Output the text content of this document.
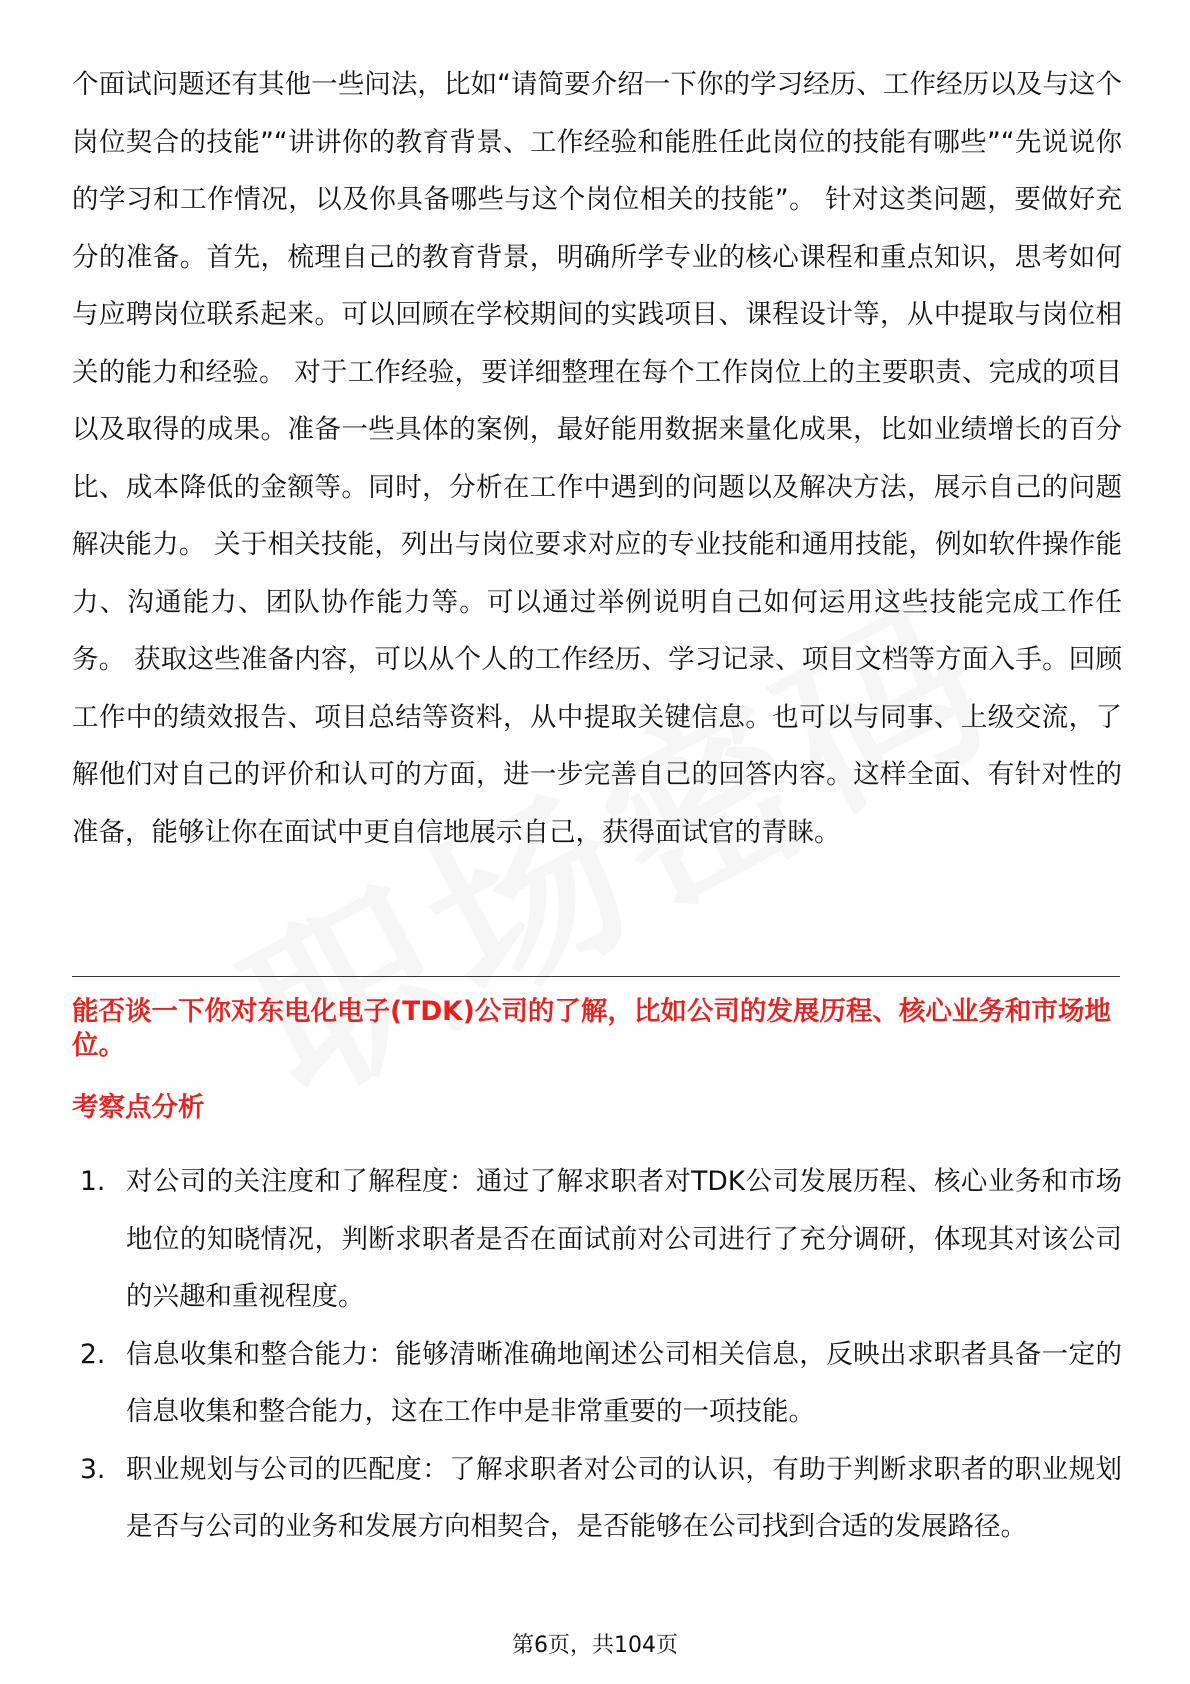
个面试问题还有其他一些问法，比如“请简要介绍一下你的学习经历、工作经历以及与这个岗位契合的技能”“讲讲你的教育背景、工作经验和能胜任此岗位的技能有哪些”“先说说你的学习和工作情况，以及你具备哪些与这个岗位相关的技能”。 针对这类问题，要做好充分的准备。首先，梳理自己的教育背景，明确所学专业的核心课程和重点知识，思考如何与应聘岗位联系起来。可以回顾在学校期间的实践项目、课程设计等，从中提取与岗位相关的能力和经验。 对于工作经验，要详细整理在每个工作岗位上的主要职责、完成的项目以及取得的成果。准备一些具体的案例，最好能用数据来量化成果，比如业绩增长的百分比、成本降低的金额等。同时，分析在工作中遇到的问题以及解决方法，展示自己的问题解决能力。 关于相关技能，列出与岗位要求对应的专业技能和通用技能，例如软件操作能力、沟通能力、团队协作能力等。可以通过举例说明自己如何运用这些技能完成工作任务。 获取这些准备内容，可以从个人的工作经历、学习记录、项目文档等方面入手。回顾工作中的绩效报告、项目总结等资料，从中提取关键信息。也可以与同事、上级交流，了解他们对自己的评价和认可的方面，进一步完善自己的回答内容。这样全面、有针对性的准备，能够让你在面试中更自信地展示自己，获得面试官的青睐。

能否谈一下你对东电化电子(TDK)公司的了解，比如公司的发展历程、核心业务和市场地位。

考察点分析

1. 对公司的关注度和了解程度：通过了解求职者对TDK公司发展历程、核心业务和市场地位的知晓情况，判断求职者是否在面试前对公司进行了充分调研，体现其对该公司的兴趣和重视程度。
2. 信息收集和整合能力：能够清晰准确地阐述公司相关信息，反映出求职者具备一定的信息收集和整合能力，这在工作中是非常重要的一项技能。
3. 职业规划与公司的匹配度：了解求职者对公司的认识，有助于判断求职者的职业规划是否与公司的业务和发展方向相契合，是否能够在公司找到合适的发展路径。
第6页，共104页
